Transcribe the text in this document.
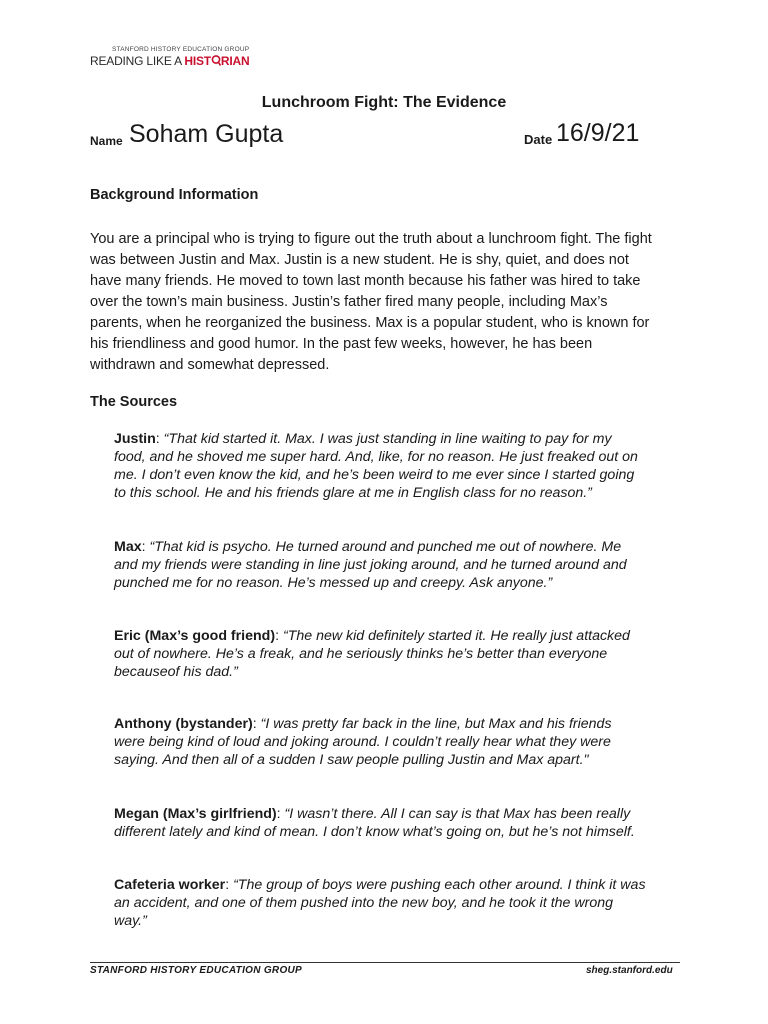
STANFORD HISTORY EDUCATION GROUP
READING LIKE A HIST RIAN
Lunchroom Fight: The Evidence
Name Soham Gupta	Date 16/9/21
Background Information
You are a principal who is trying to figure out the truth about a lunchroom fight. The fight
was between Justin and Max. Justin is a new student. He is shy, quiet, and does not
have many friends. He moved to town last month because his father was hired to take
over the town’s main business. Justin’s father fired many people, including Max’s
parents, when he reorganized the business. Max is a popular student, who is known for
his friendliness and good humor. In the past few weeks, however, he has been
withdrawn and somewhat depressed.
The Sources
Justin: “That kid started it. Max. I was just standing in line waiting to pay for my
food, and he shoved me super hard. And, like, for no reason. He just freaked out on
me. I don’t even know the kid, and he’s been weird to me ever since I started going
to this school. He and his friends glare at me in English class for no reason.”
Max: “That kid is psycho. He turned around and punched me out of nowhere. Me
and my friends were standing in line just joking around, and he turned around and
punched me for no reason. He’s messed up and creepy. Ask anyone.”
Eric (Max’s good friend): “The new kid definitely started it. He really just attacked
out of nowhere. He’s a freak, and he seriously thinks he’s better than everyone
becauseof his dad.”
Anthony (bystander): “I was pretty far back in the line, but Max and his friends
were being kind of loud and joking around. I couldn’t really hear what they were
saying. And then all of a sudden I saw people pulling Justin and Max apart."
Megan (Max’s girlfriend): “I wasn’t there. All I can say is that Max has been really
different lately and kind of mean. I don’t know what’s going on, but he’s not himself.
Cafeteria worker: “The group of boys were pushing each other around. I think it was
an accident, and one of them pushed into the new boy, and he took it the wrong
way.”
STANFORD HISTORY EDUCATION GROUP	sheg.stanford.edu
